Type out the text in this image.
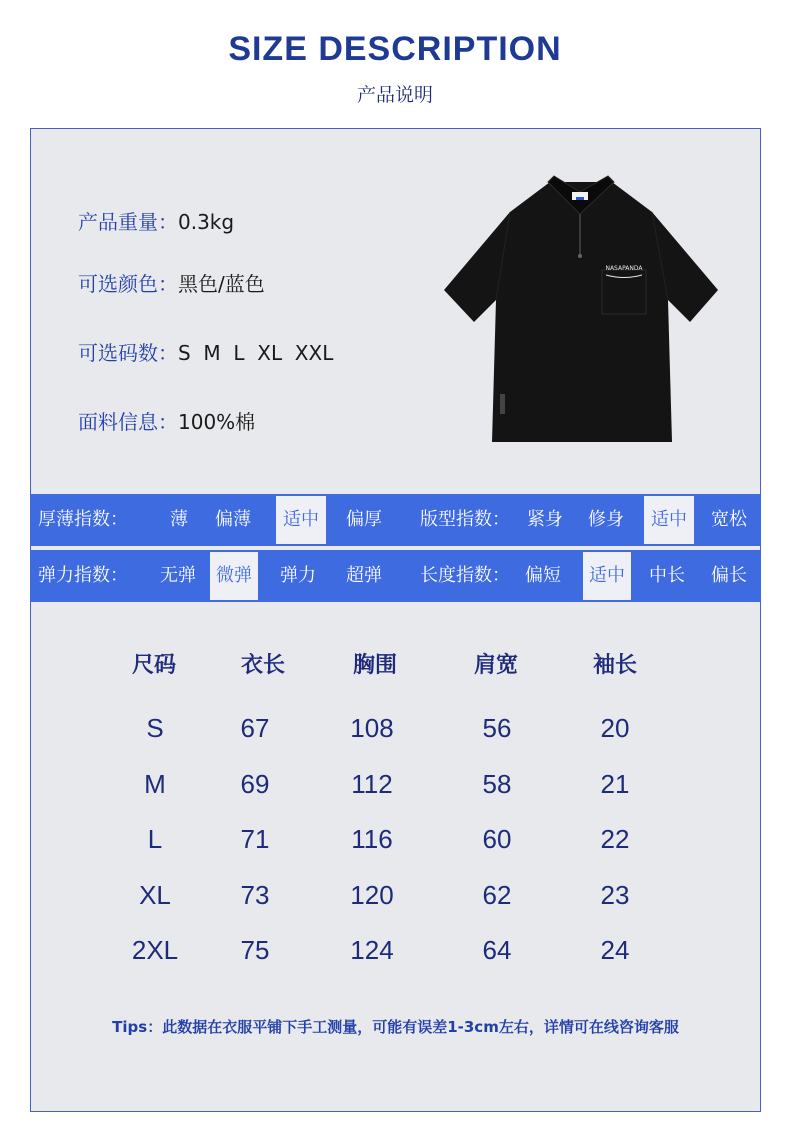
SIZE DESCRIPTION
产品说明
产品重量：0.3kg
可选颜色：黑色/蓝色
可选码数：S  M  L  XL  XXL
面料信息：100%棉
NASAPANDA
厚薄指数： 薄 偏薄	适中	偏厚 版型指数： 紧身 修身	适中	宽松
弹力指数： 无弹	微弹	弹力 超弹 长度指数： 偏短	适中	中长 偏长
尺码	衣长	胸围	肩宽	袖长
S	67	108	56	20
M	69	112	58	21
L	71	116	60	22
XL	73	120	62	23
2XL	75	124	64	24
Tips：此数据在衣服平铺下手工测量，可能有误差1-3cm左右，详情可在线咨询客服
